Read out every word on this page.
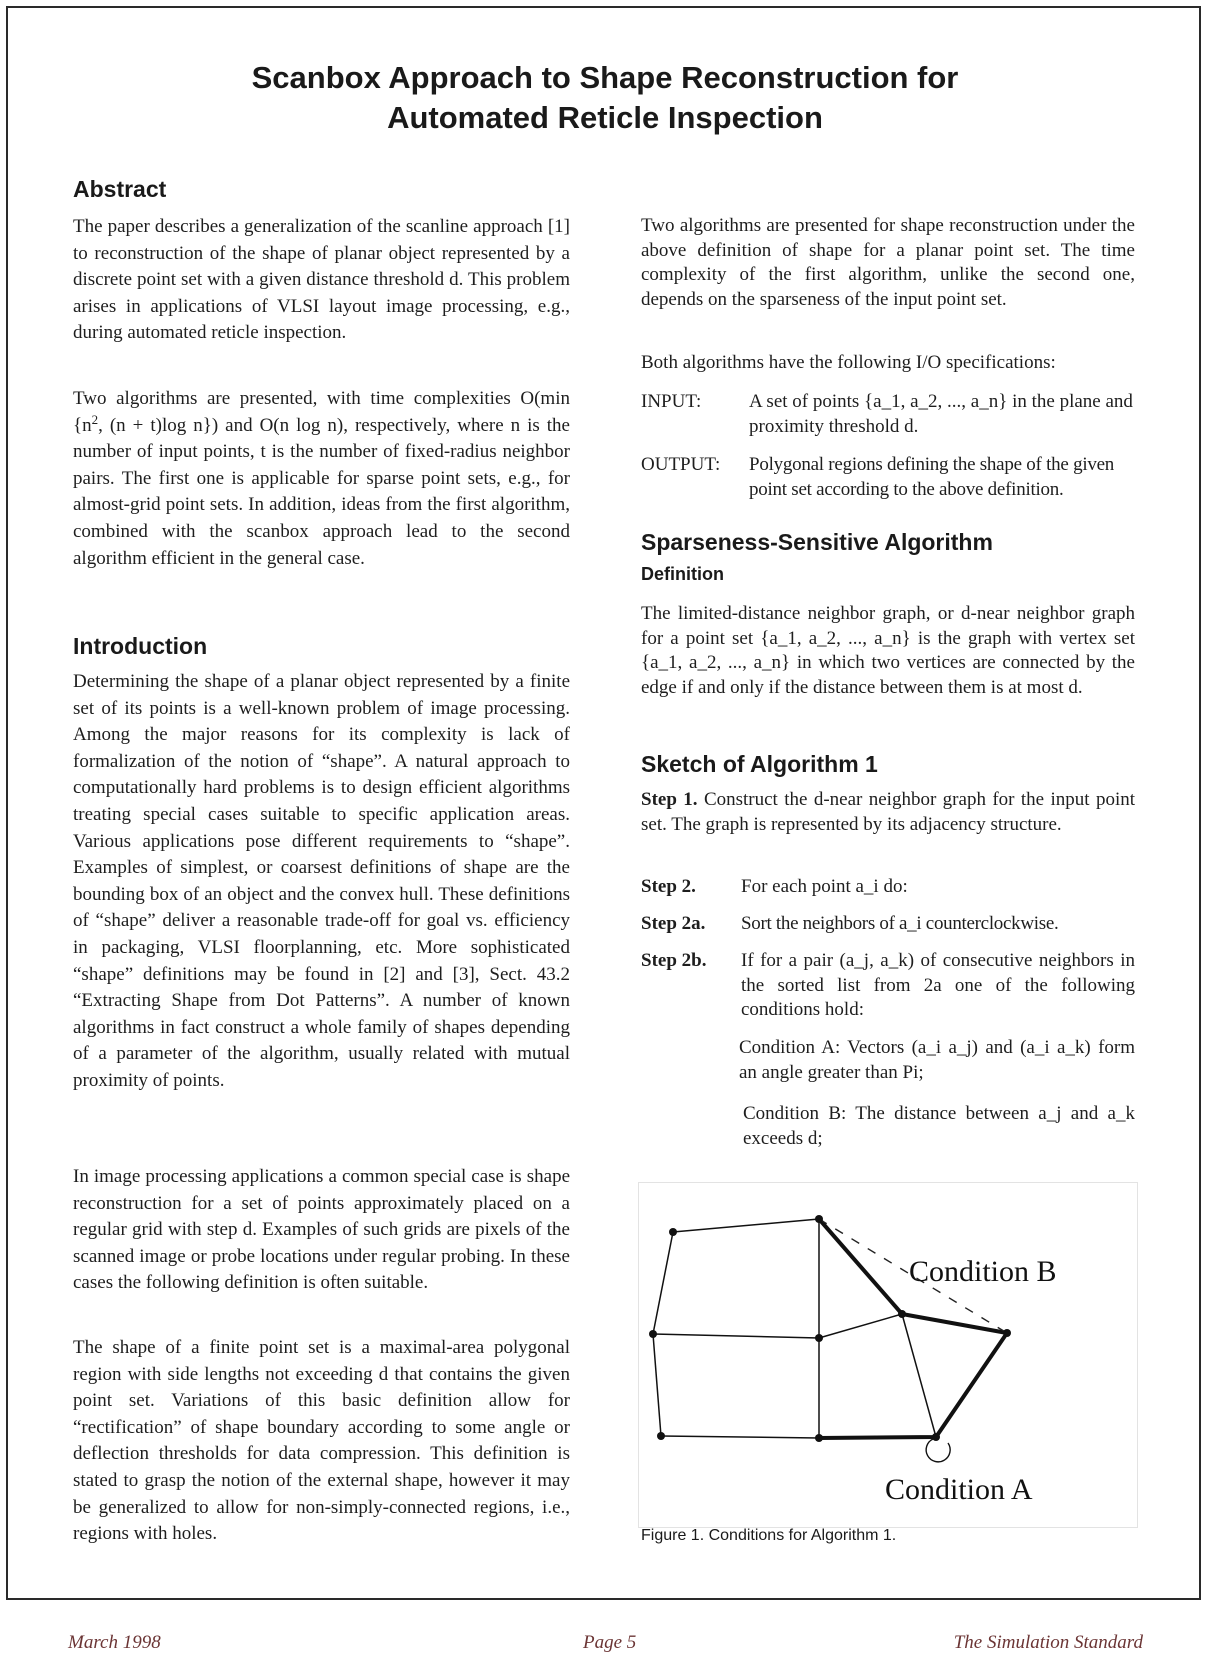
Scanbox Approach to Shape Reconstruction for
Automated Reticle Inspection
Abstract
The paper describes a generalization of the scanline approach [1] to reconstruction of the shape of planar object represented by a discrete point set with a given distance threshold d. This problem arises in applications of VLSI layout image processing, e.g., during automated reticle inspection.
Two algorithms are presented, with time complexities O(min {$n^2$, (n + t)log n}) and O(n log n), respectively, where n is the number of input points, t is the number of fixed-radius neighbor pairs. The first one is applicable for sparse point sets, e.g., for almost-grid point sets. In addition, ideas from the first algorithm, combined with the scanbox approach lead to the second algorithm efficient in the general case.
Introduction
Determining the shape of a planar object represented by a finite set of its points is a well-known problem of image processing. Among the major reasons for its complexity is lack of formalization of the notion of “shape”. A natural approach to computationally hard problems is to design efficient algorithms treating special cases suitable to specific application areas. Various applications pose different requirements to “shape”. Examples of simplest, or coarsest definitions of shape are the bounding box of an object and the convex hull. These definitions of “shape” deliver a reasonable trade-off for goal vs. efficiency in packaging, VLSI floorplanning, etc. More sophisticated “shape” definitions may be found in [2] and [3], Sect. 43.2 “Extracting Shape from Dot Patterns”. A number of known algorithms in fact construct a whole family of shapes depending of a parameter of the algorithm, usually related with mutual proximity of points.
In image processing applications a common special case is shape reconstruction for a set of points approximately placed on a regular grid with step d. Examples of such grids are pixels of the scanned image or probe locations under regular probing. In these cases the following definition is often suitable.
The shape of a finite point set is a maximal-area polygonal region with side lengths not exceeding d that contains the given point set. Variations of this basic definition allow for “rectification” of shape boundary according to some angle or deflection thresholds for data compression. This definition is stated to grasp the notion of the external shape, however it may be generalized to allow for non-simply-connected regions, i.e., regions with holes.
Two algorithms are presented for shape reconstruction under the above definition of shape for a planar point set. The time complexity of the first algorithm, unlike the second one, depends on the sparseness of the input point set.
Both algorithms have the following I/O specifications:
INPUT:	A set of points {a_1, a_2, ..., a_n} in the plane and proximity threshold d.
OUTPUT: Polygonal regions defining the shape of the given point set according to the above definition.
Sparseness-Sensitive Algorithm
Definition
The limited-distance neighbor graph, or d-near neighbor graph for a point set {a_1, a_2, ..., a_n} is the graph with vertex set {a_1, a_2, ..., a_n} in which two vertices are connected by the edge if and only if the distance between them is at most d.
Sketch of Algorithm 1
Step 1. Construct the d-near neighbor graph for the input point set. The graph is represented by its adjacency structure.
Step 2. For each point a_i do:
Step 2a. Sort the neighbors of a_i counterclockwise.
Step 2b. If for a pair (a_j, a_k) of consecutive neighbors in the sorted list from 2a one of the following conditions hold:
Condition A: Vectors (a_i a_j) and (a_i a_k) form an angle greater than Pi;
Condition B: The distance between a_j and a_k exceeds d;
Condition B
Condition A
Figure 1. Conditions for Algorithm 1.
March 1998	Page 5	The Simulation Standard
